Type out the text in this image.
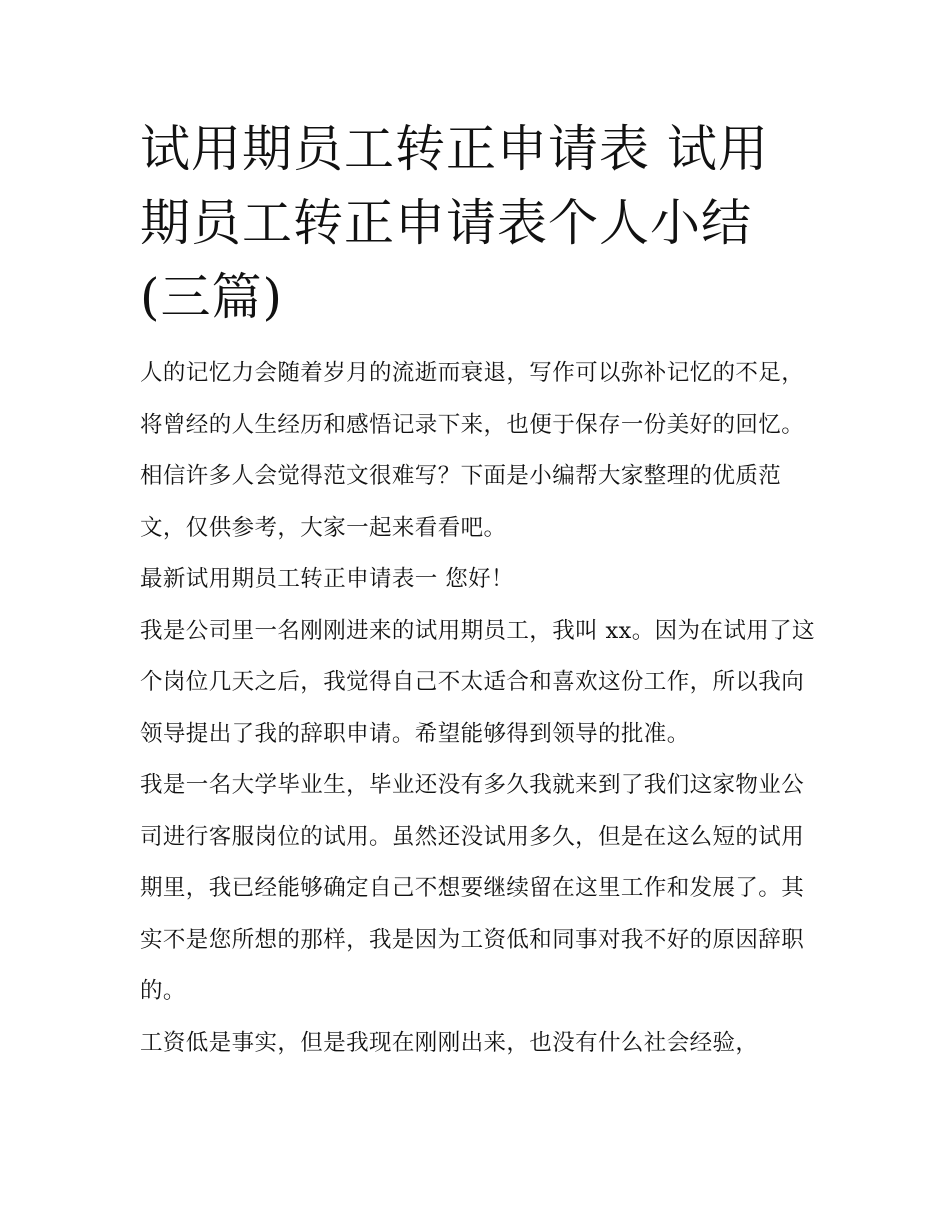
试用期员工转正申请表 试用期员工转正申请表个人小结(三篇)

人的记忆力会随着岁月的流逝而衰退，写作可以弥补记忆的不足，将曾经的人生经历和感悟记录下来，也便于保存一份美好的回忆。相信许多人会觉得范文很难写？下面是小编帮大家整理的优质范文，仅供参考，大家一起来看看吧。

最新试用期员工转正申请表一 您好！

我是公司里一名刚刚进来的试用期员工，我叫 xx。因为在试用了这个岗位几天之后，我觉得自己不太适合和喜欢这份工作，所以我向领导提出了我的辞职申请。希望能够得到领导的批准。

我是一名大学毕业生，毕业还没有多久我就来到了我们这家物业公司进行客服岗位的试用。虽然还没试用多久，但是在这么短的试用期里，我已经能够确定自己不想要继续留在这里工作和发展了。其实不是您所想的那样，我是因为工资低和同事对我不好的原因辞职的。

工资低是事实，但是我现在刚刚出来，也没有什么社会经验，
